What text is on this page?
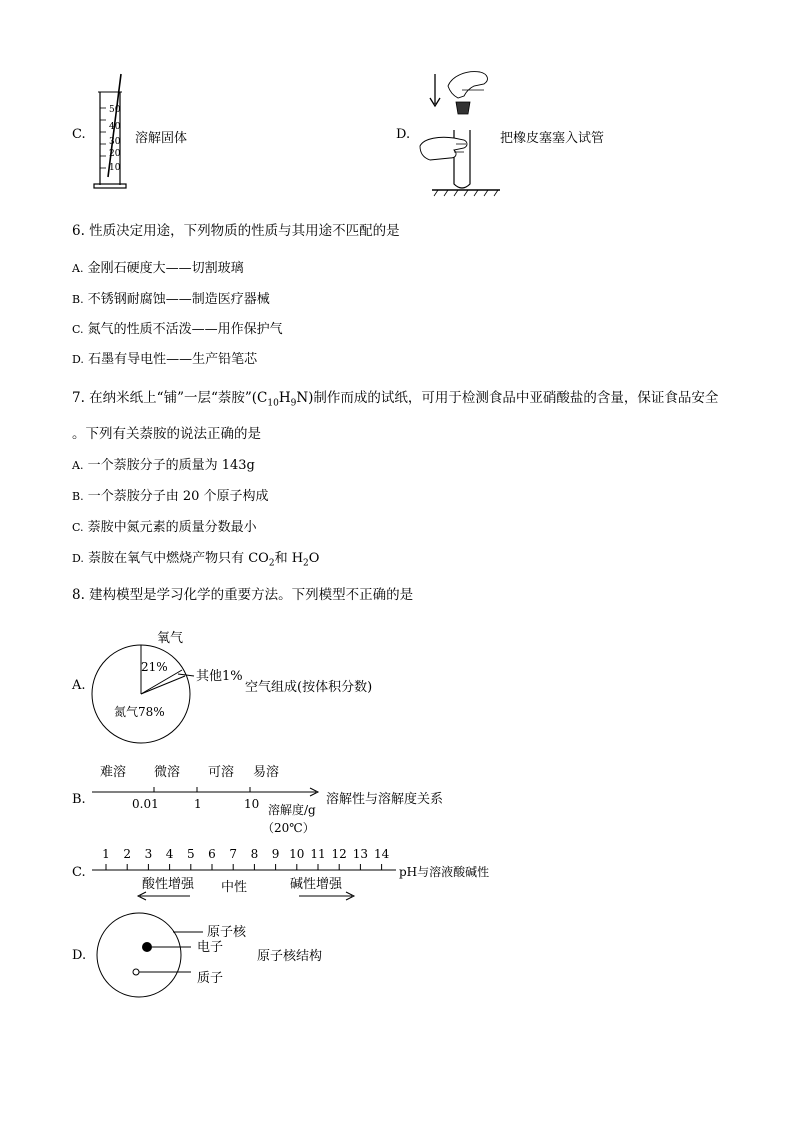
C.
50
40
30
20
10
溶解固体	D.	把橡皮塞塞入试管
6. 性质决定用途，下列物质的性质与其用途不匹配的是
A. 金刚石硬度大——切割玻璃
B. 不锈钢耐腐蚀——制造医疗器械
C. 氮气的性质不活泼——用作保护气
D. 石墨有导电性——生产铅笔芯
7. 在纳米纸上“铺”一层“萘胺$”(C_{10}H_9N)$制作而成的试纸，可用于检测食品中亚硝酸盐的含量，保证食品安全
。下列有关萘胺的说法正确的是
A. 一个萘胺分子的质量为 143g
B. 一个萘胺分子由 20 个原子构成
C. 萘胺中氮元素的质量分数最小
D. 萘胺在氧气中燃烧产物只有 $CO_2$和 $H_2O$
8. 建构模型是学习化学的重要方法。下列模型不正确的是
A.
氧气
21%
其他1%
氮气78%
空气组成(按体积分数)
B.
难溶 微溶 可溶 易溶
0.01	1	10 溶解度/g
（20℃）
溶解性与溶解度关系
C.
1 2 3 4 5 6 7 8 9 10 11 12 13 14
酸性增强 中性	碱性增强
pH与溶液酸碱性
D.
原子核
电子
质子
原子核结构
